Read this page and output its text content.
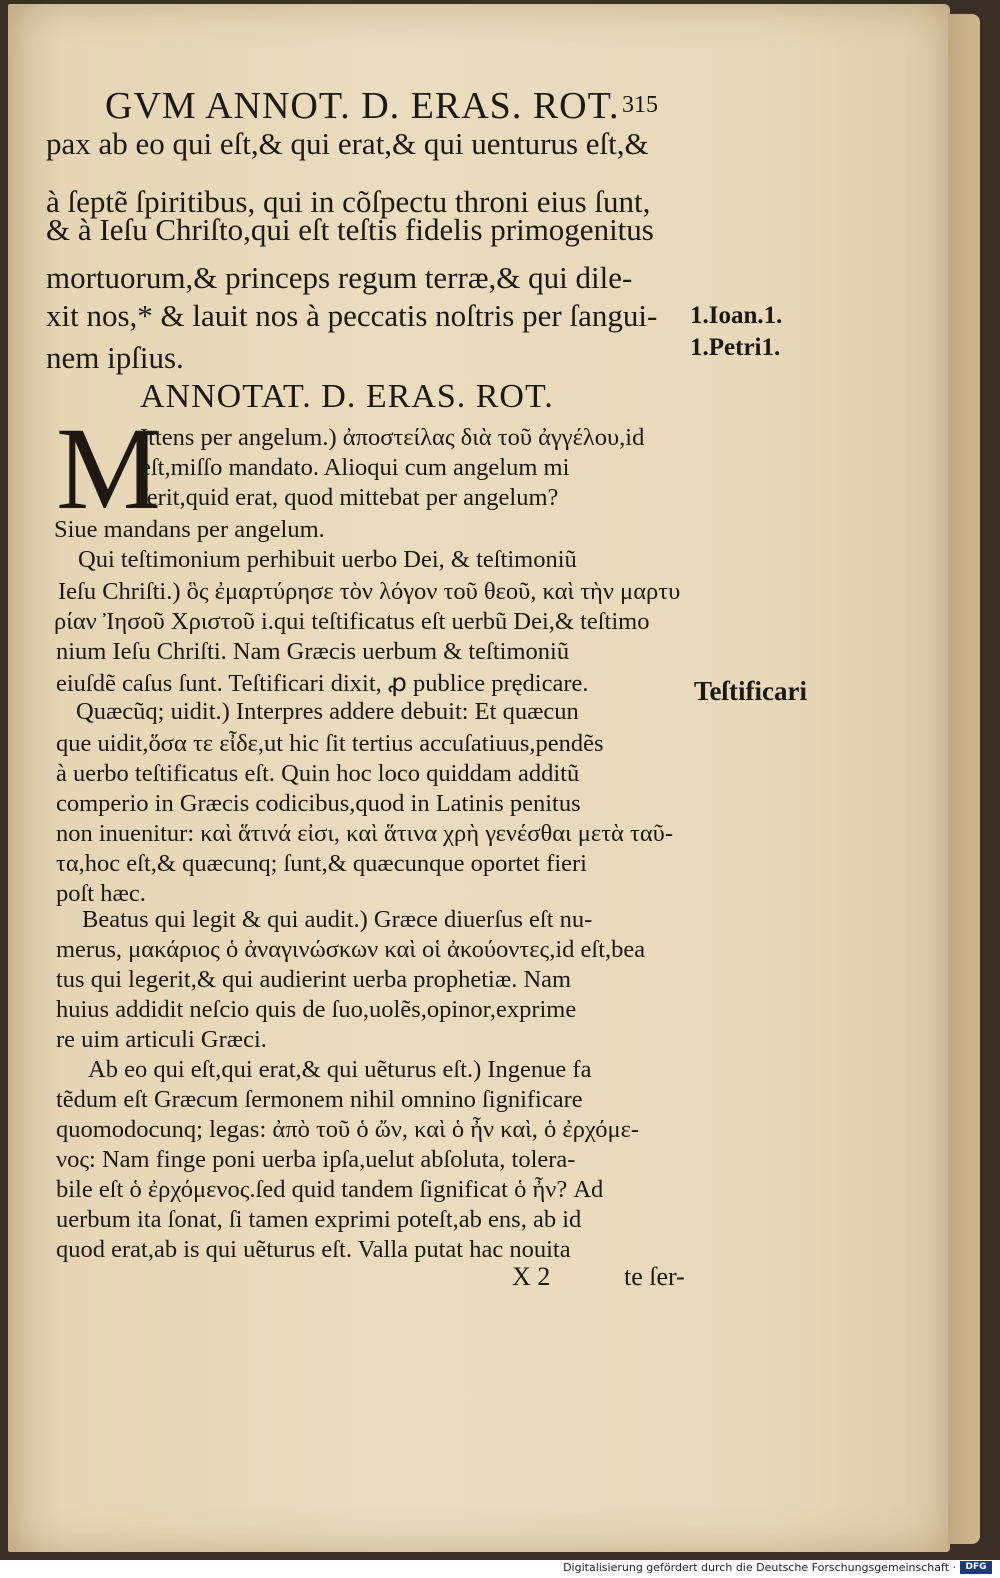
GVM ANNOT. D. ERAS. ROT. 315
pax ab eo qui eſt,& qui erat,& qui uenturus eſt,&
à ſeptẽ ſpiritibus, qui in cõſpectu throni eius ſunt,
& à Ieſu Chriſto,qui eſt teſtis fidelis primogenitus
mortuorum,& princeps regum terræ,& qui dile-
xit nos,* & lauit nos à peccatis noſtris per ſangui-
nem ipſius.
1.Ioan.1.
1.Petri1.
Teſtificari
ANNOTAT. D. ERAS. ROT.
M
Ittens per angelum.) ἀποστείλας διὰ τοῦ ἀγγέλου,id
eſt,miſſo mandato. Alioqui cum angelum mi
ſerit,quid erat, quod mittebat per angelum?
Siue mandans per angelum.
Qui teſtimonium perhibuit uerbo Dei, & teſtimoniũ
Ieſu Chriſti.) ὃς ἐμαρτύρησε τὸν λόγον τοῦ θεοῦ, καὶ τὴν μαρτυ
ρίαν Ἰησοῦ Χριστοῦ i.qui teſtificatus eſt uerbũ Dei,& teſtimo
nium Ieſu Chriſti. Nam Græcis uerbum & teſtimoniũ
eiuſdẽ caſus ſunt. Teſtificari dixit, ꝓ publice prędicare.
Quæcũq; uidit.) Interpres addere debuit: Et quæcun
que uidit,ὅσα τε εἶδε,ut hic ſit tertius accuſatiuus,pendẽs
à uerbo teſtificatus eſt. Quin hoc loco quiddam additũ
comperio in Græcis codicibus,quod in Latinis penitus
non inuenitur: καὶ ἅτινά εἰσι, καὶ ἅτινα χρὴ γενέσθαι μετὰ ταῦ-
τα,hoc eſt,& quæcunq; ſunt,& quæcunque oportet fieri
poſt hæc.
Beatus qui legit & qui audit.) Græce diuerſus eſt nu-
merus, μακάριος ὁ ἀναγινώσκων καὶ οἱ ἀκούοντες,id eſt,bea
tus qui legerit,& qui audierint uerba prophetiæ. Nam
huius addidit neſcio quis de ſuo,uolẽs,opinor,exprime
re uim articuli Græci.
Ab eo qui eſt,qui erat,& qui uẽturus eſt.) Ingenue fa
tẽdum eſt Græcum ſermonem nihil omnino ſignificare
quomodocunq; legas: ἀπὸ τοῦ ὁ ὤν, καὶ ὁ ἦν καὶ, ὁ ἐρχόμε-
νος: Nam finge poni uerba ipſa,uelut abſoluta, tolera-
bile eſt ὁ ἐρχόμενος.ſed quid tandem ſignificat ὁ ἦν? Ad
uerbum ita ſonat, ſi tamen exprimi poteſt,ab ens, ab id
quod erat,ab is qui uẽturus eſt. Valla putat hac nouita
X 2	te ſer-
Digitalisierung gefördert durch die Deutsche Forschungsgemeinschaft ·	DFG
